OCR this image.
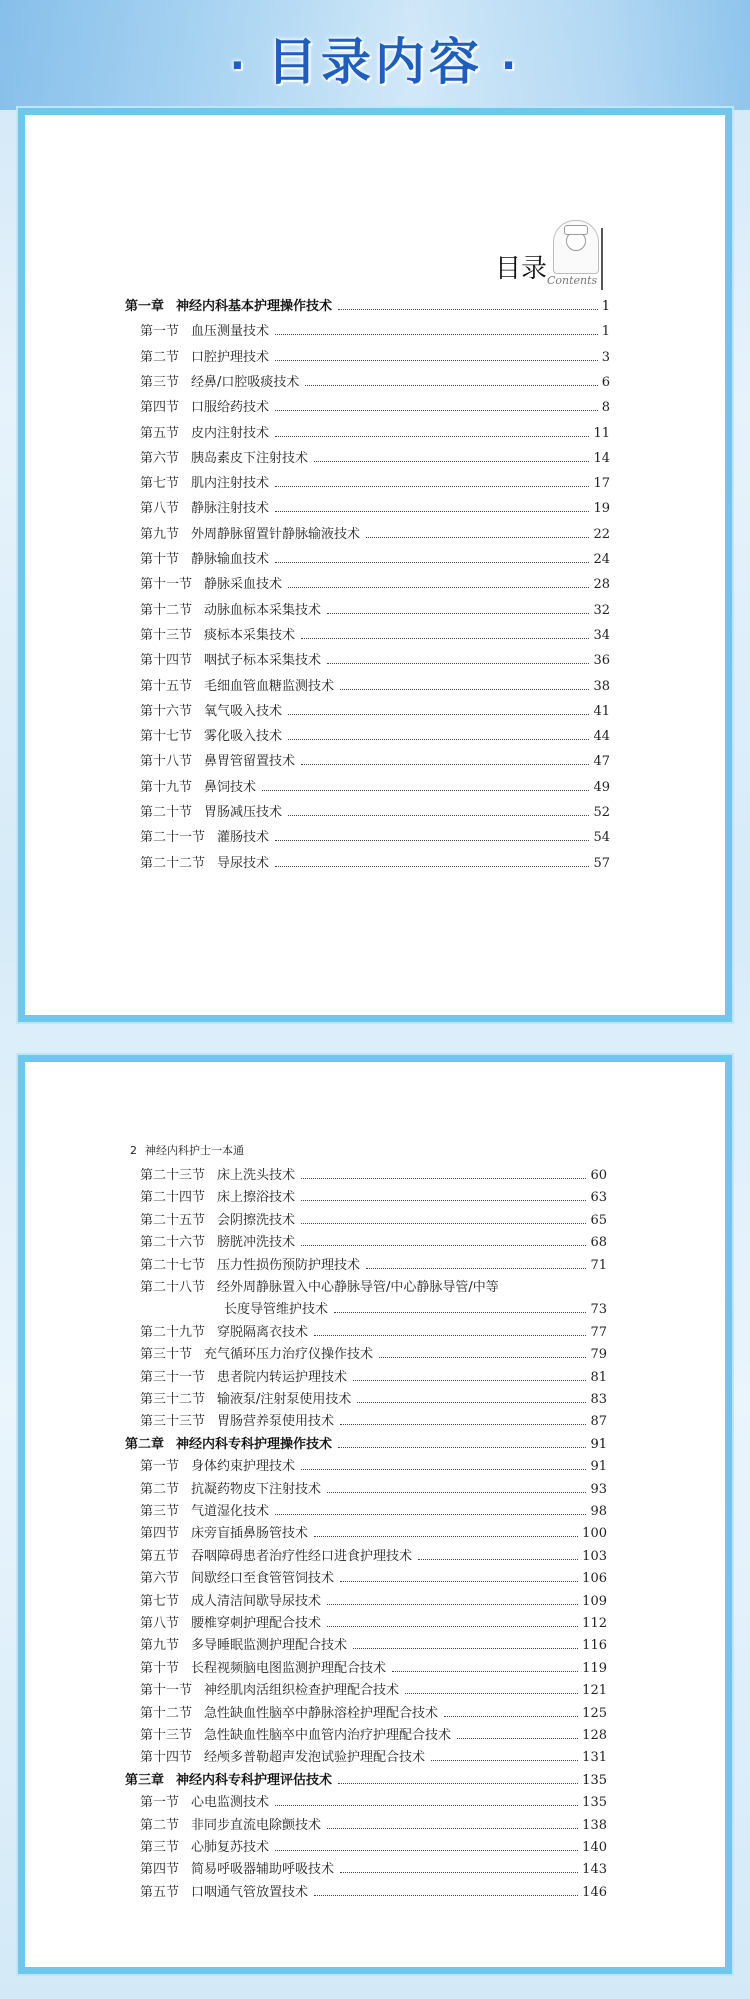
· 目录内容 ·
目录 Contents
第一章 神经内科基本护理操作技术	1
第一节 血压测量技术	1
第二节 口腔护理技术	3
第三节 经鼻/口腔吸痰技术	6
第四节 口服给药技术	8
第五节 皮内注射技术	11
第六节 胰岛素皮下注射技术	14
第七节 肌内注射技术	17
第八节 静脉注射技术	19
第九节 外周静脉留置针静脉输液技术	22
第十节 静脉输血技术	24
第十一节 静脉采血技术	28
第十二节 动脉血标本采集技术	32
第十三节 痰标本采集技术	34
第十四节 咽拭子标本采集技术	36
第十五节 毛细血管血糖监测技术	38
第十六节 氧气吸入技术	41
第十七节 雾化吸入技术	44
第十八节 鼻胃管留置技术	47
第十九节 鼻饲技术	49
第二十节 胃肠减压技术	52
第二十一节 灌肠技术	54
第二十二节 导尿技术	57
2 神经内科护士一本通
第二十三节 床上洗头技术	60
第二十四节 床上擦浴技术	63
第二十五节 会阴擦洗技术	65
第二十六节 膀胱冲洗技术	68
第二十七节 压力性损伤预防护理技术	71
第二十八节 经外周静脉置入中心静脉导管/中心静脉导管/中等
长度导管维护技术	73
第二十九节 穿脱隔离衣技术	77
第三十节 充气循环压力治疗仪操作技术	79
第三十一节 患者院内转运护理技术	81
第三十二节 输液泵/注射泵使用技术	83
第三十三节 胃肠营养泵使用技术	87
第二章 神经内科专科护理操作技术	91
第一节 身体约束护理技术	91
第二节 抗凝药物皮下注射技术	93
第三节 气道湿化技术	98
第四节 床旁盲插鼻肠管技术	100
第五节 吞咽障碍患者治疗性经口进食护理技术	103
第六节 间歇经口至食管管饲技术	106
第七节 成人清洁间歇导尿技术	109
第八节 腰椎穿刺护理配合技术	112
第九节 多导睡眠监测护理配合技术	116
第十节 长程视频脑电图监测护理配合技术	119
第十一节 神经肌肉活组织检查护理配合技术	121
第十二节 急性缺血性脑卒中静脉溶栓护理配合技术	125
第十三节 急性缺血性脑卒中血管内治疗护理配合技术	128
第十四节 经颅多普勒超声发泡试验护理配合技术	131
第三章 神经内科专科护理评估技术	135
第一节 心电监测技术	135
第二节 非同步直流电除颤技术	138
第三节 心肺复苏技术	140
第四节 简易呼吸器辅助呼吸技术	143
第五节 口咽通气管放置技术	146
